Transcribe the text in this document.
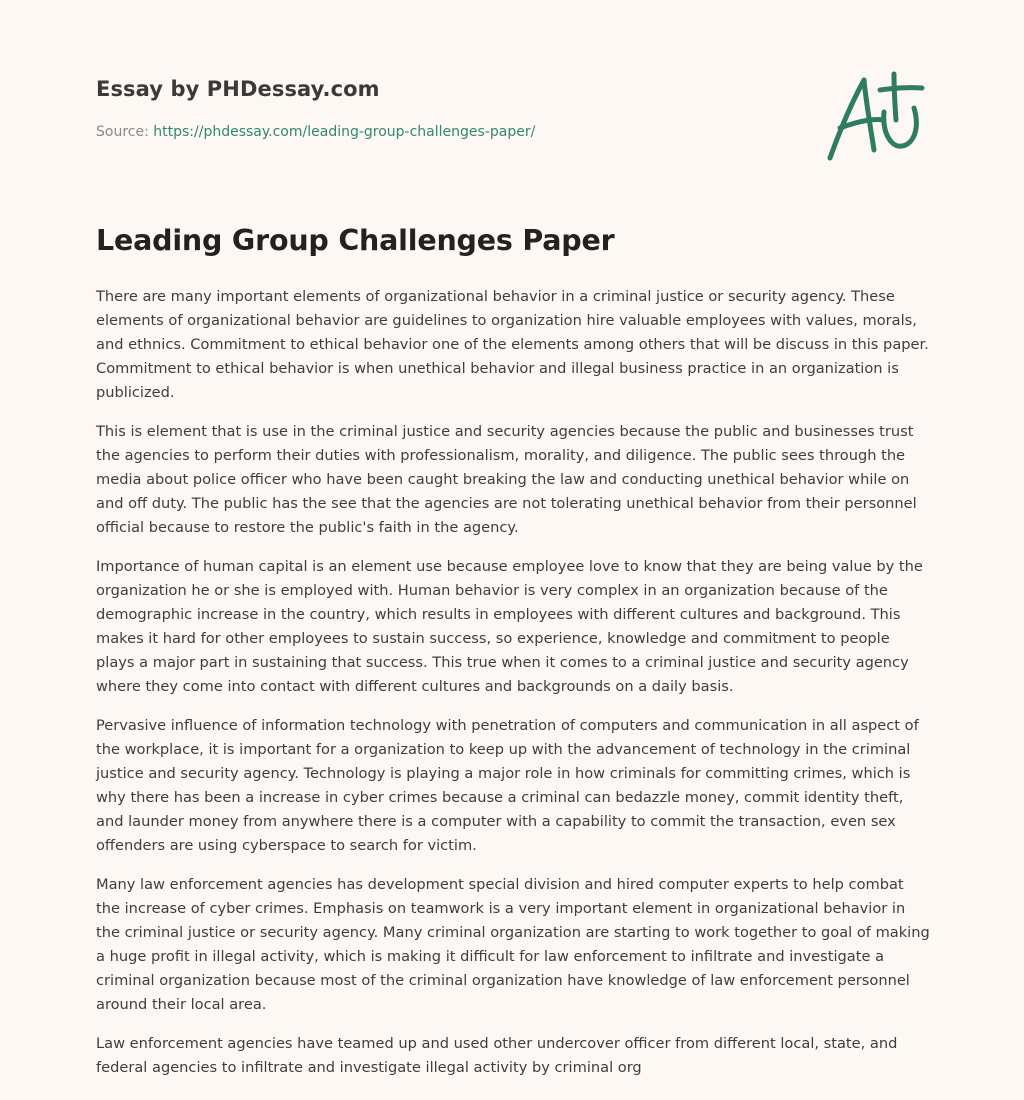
Essay by PHDessay.com

Source: https://phdessay.com/leading-group-challenges-paper/

Leading Group Challenges Paper

There are many important elements of organizational behavior in a criminal justice or security agency. These elements of organizational behavior are guidelines to organization hire valuable employees with values, morals, and ethnics. Commitment to ethical behavior one of the elements among others that will be discuss in this paper. Commitment to ethical behavior is when unethical behavior and illegal business practice in an organization is publicized.

This is element that is use in the criminal justice and security agencies because the public and businesses trust the agencies to perform their duties with professionalism, morality, and diligence. The public sees through the media about police officer who have been caught breaking the law and conducting unethical behavior while on and off duty. The public has the see that the agencies are not tolerating unethical behavior from their personnel official because to restore the public's faith in the agency.

Importance of human capital is an element use because employee love to know that they are being value by the organization he or she is employed with. Human behavior is very complex in an organization because of the demographic increase in the country, which results in employees with different cultures and background. This makes it hard for other employees to sustain success, so experience, knowledge and commitment to people plays a major part in sustaining that success. This true when it comes to a criminal justice and security agency where they come into contact with different cultures and backgrounds on a daily basis.

Pervasive influence of information technology with penetration of computers and communication in all aspect of the workplace, it is important for a organization to keep up with the advancement of technology in the criminal justice and security agency. Technology is playing a major role in how criminals for committing crimes, which is why there has been a increase in cyber crimes because a criminal can bedazzle money, commit identity theft, and launder money from anywhere there is a computer with a capability to commit the transaction, even sex offenders are using cyberspace to search for victim.

Many law enforcement agencies has development special division and hired computer experts to help combat the increase of cyber crimes. Emphasis on teamwork is a very important element in organizational behavior in the criminal justice or security agency. Many criminal organization are starting to work together to goal of making a huge profit in illegal activity, which is making it difficult for law enforcement to infiltrate and investigate a criminal organization because most of the criminal organization have knowledge of law enforcement personnel around their local area.

Law enforcement agencies have teamed up and used other undercover officer from different local, state, and federal agencies to infiltrate and investigate illegal activity by criminal org
